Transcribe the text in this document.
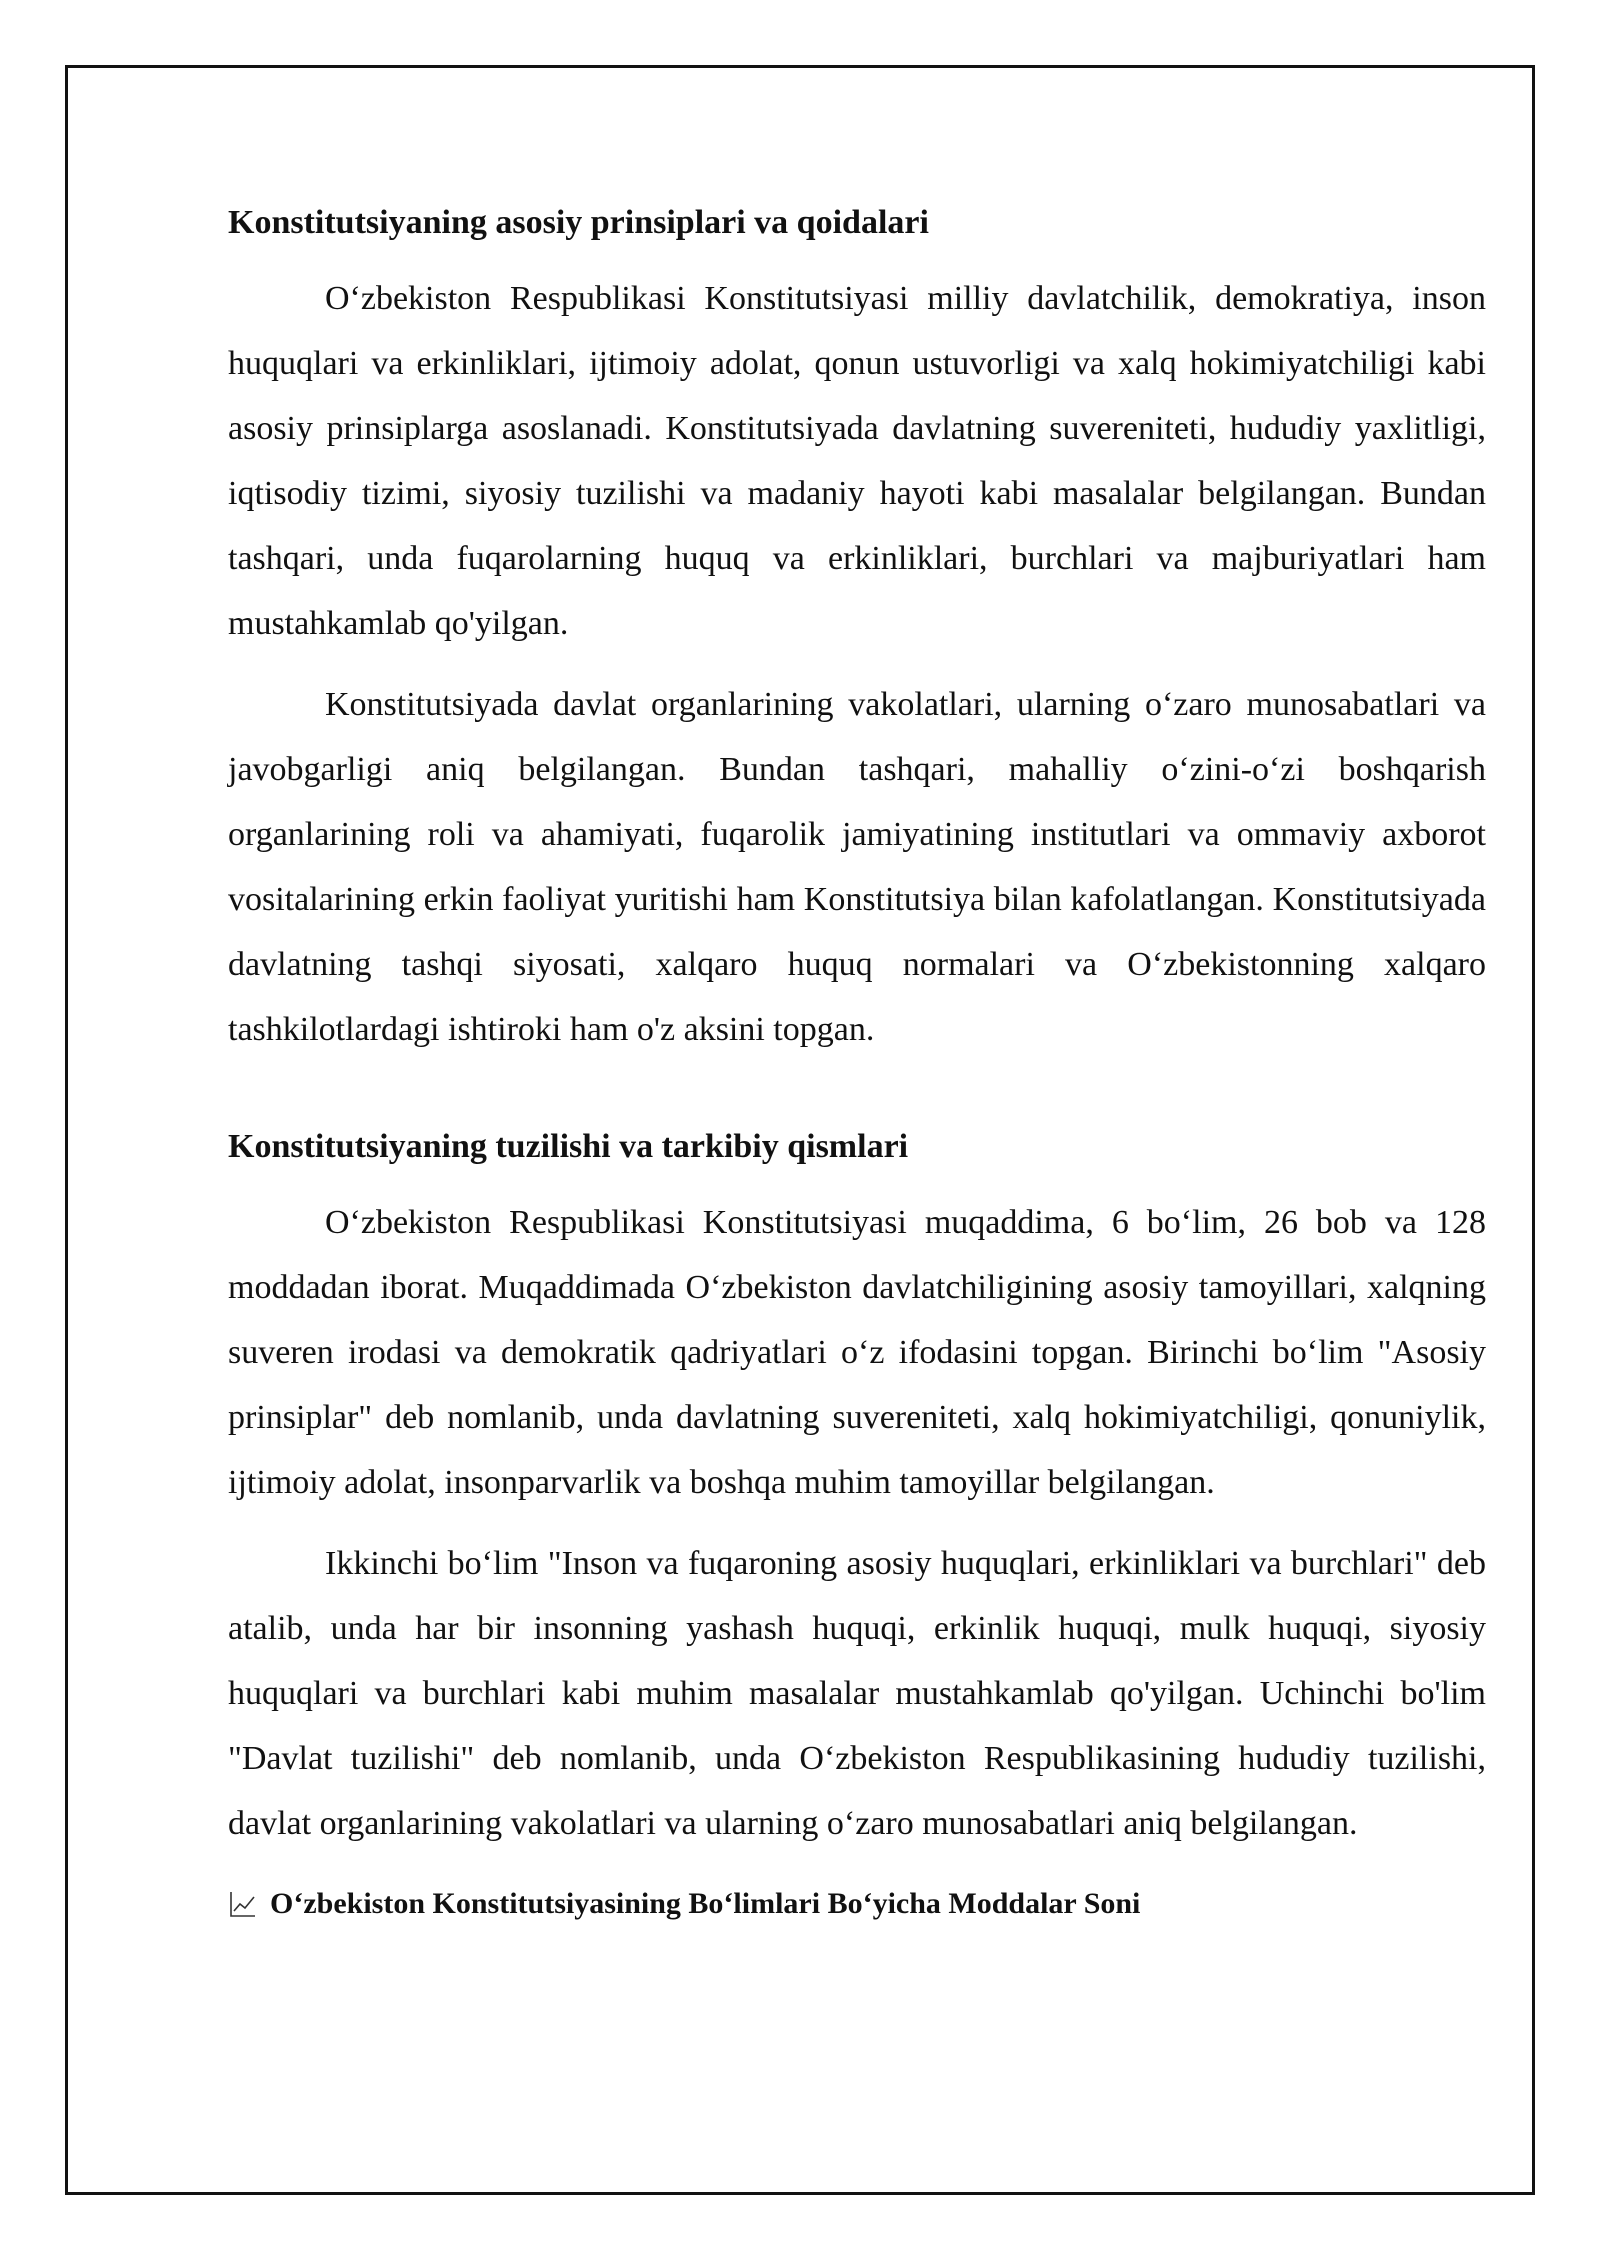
Konstitutsiyaning asosiy prinsiplari va qoidalari

O‘zbekiston Respublikasi Konstitutsiyasi milliy davlatchilik, demokratiya, inson huquqlari va erkinliklari, ijtimoiy adolat, qonun ustuvorligi va xalq hokimiyatchiligi kabi asosiy prinsiplarga asoslanadi. Konstitutsiyada davlatning suvereniteti, hududiy yaxlitligi, iqtisodiy tizimi, siyosiy tuzilishi va madaniy hayoti kabi masalalar belgilangan. Bundan tashqari, unda fuqarolarning huquq va erkinliklari, burchlari va majburiyatlari ham mustahkamlab qo'yilgan.

Konstitutsiyada davlat organlarining vakolatlari, ularning o‘zaro munosabatlari va javobgarligi aniq belgilangan. Bundan tashqari, mahalliy o‘zini-o‘zi boshqarish organlarining roli va ahamiyati, fuqarolik jamiyatining institutlari va ommaviy axborot vositalarining erkin faoliyat yuritishi ham Konstitutsiya bilan kafolatlangan. Konstitutsiyada davlatning tashqi siyosati, xalqaro huquq normalari va O‘zbekistonning xalqaro tashkilotlardagi ishtiroki ham o'z aksini topgan.

Konstitutsiyaning tuzilishi va tarkibiy qismlari

O‘zbekiston Respublikasi Konstitutsiyasi muqaddima, 6 bo‘lim, 26 bob va 128 moddadan iborat. Muqaddimada O‘zbekiston davlatchiligining asosiy tamoyillari, xalqning suveren irodasi va demokratik qadriyatlari o‘z ifodasini topgan. Birinchi bo‘lim "Asosiy prinsiplar" deb nomlanib, unda davlatning suvereniteti, xalq hokimiyatchiligi, qonuniylik, ijtimoiy adolat, insonparvarlik va boshqa muhim tamoyillar belgilangan.

Ikkinchi bo‘lim "Inson va fuqaroning asosiy huquqlari, erkinliklari va burchlari" deb atalib, unda har bir insonning yashash huquqi, erkinlik huquqi, mulk huquqi, siyosiy huquqlari va burchlari kabi muhim masalalar mustahkamlab qo'yilgan. Uchinchi bo'lim "Davlat tuzilishi" deb nomlanib, unda O‘zbekiston Respublikasining hududiy tuzilishi, davlat organlarining vakolatlari va ularning o‘zaro munosabatlari aniq belgilangan.

O‘zbekiston Konstitutsiyasining Bo‘limlari Bo‘yicha Moddalar Soni
